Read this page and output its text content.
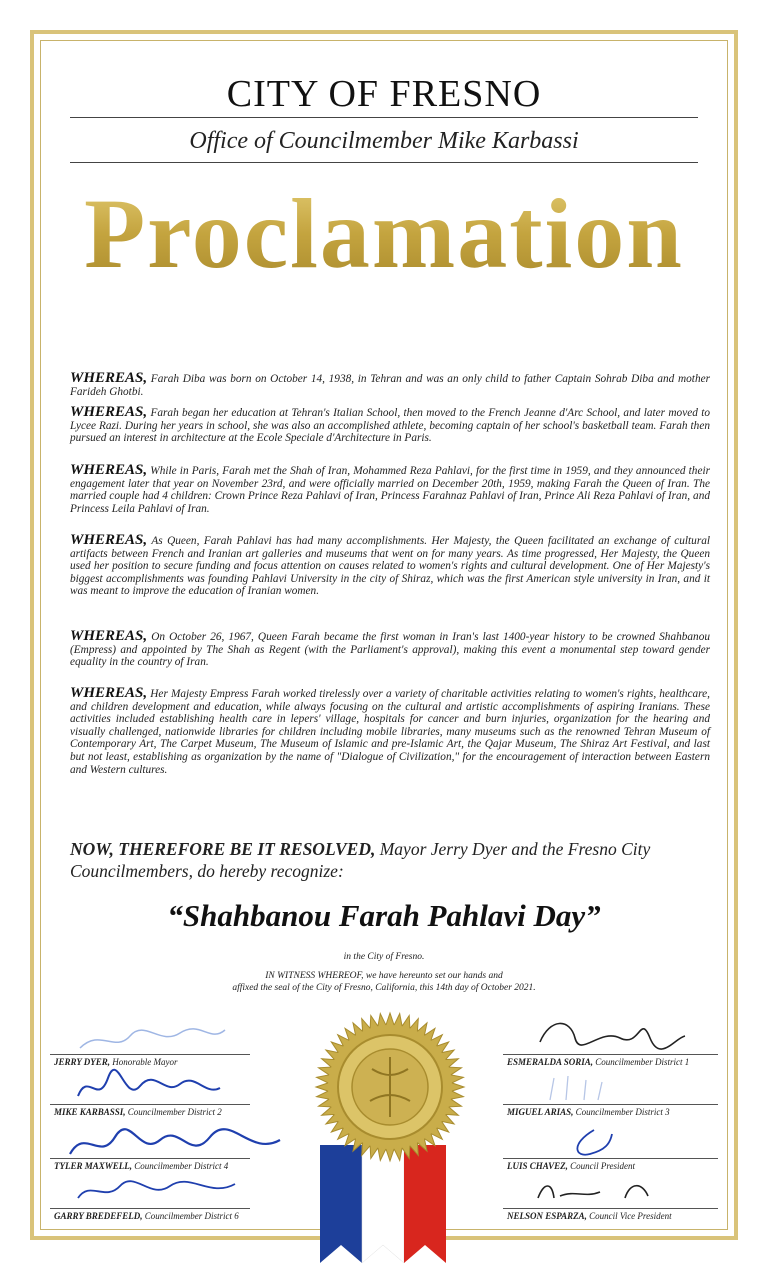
CITY OF FRESNO
Office of Councilmember Mike Karbassi
Proclamation
WHEREAS, Farah Diba was born on October 14, 1938, in Tehran and was an only child to father Captain Sohrab Diba and mother Farideh Ghotbi.
WHEREAS, Farah began her education at Tehran's Italian School, then moved to the French Jeanne d'Arc School, and later moved to Lycee Razi. During her years in school, she was also an accomplished athlete, becoming captain of her school's basketball team. Farah then pursued an interest in architecture at the Ecole Speciale d'Architecture in Paris.
WHEREAS, While in Paris, Farah met the Shah of Iran, Mohammed Reza Pahlavi, for the first time in 1959, and they announced their engagement later that year on November 23rd, and were officially married on December 20th, 1959, making Farah the Queen of Iran. The married couple had 4 children: Crown Prince Reza Pahlavi of Iran, Princess Farahnaz Pahlavi of Iran, Prince Ali Reza Pahlavi of Iran, and Princess Leila Pahlavi of Iran.
WHEREAS, As Queen, Farah Pahlavi has had many accomplishments. Her Majesty, the Queen facilitated an exchange of cultural artifacts between French and Iranian art galleries and museums that went on for many years. As time progressed, Her Majesty, the Queen used her position to secure funding and focus attention on causes related to women's rights and cultural development. One of Her Majesty's biggest accomplishments was founding Pahlavi University in the city of Shiraz, which was the first American style university in Iran, and it was meant to improve the education of Iranian women.
WHEREAS, On October 26, 1967, Queen Farah became the first woman in Iran's last 1400-year history to be crowned Shahbanou (Empress) and appointed by The Shah as Regent (with the Parliament's approval), making this event a monumental step toward gender equality in the country of Iran.
WHEREAS, Her Majesty Empress Farah worked tirelessly over a variety of charitable activities relating to women's rights, healthcare, and children development and education, while always focusing on the cultural and artistic accomplishments of aspiring Iranians. These activities included establishing health care in lepers' village, hospitals for cancer and burn injuries, organization for the hearing and visually challenged, nationwide libraries for children including mobile libraries, many museums such as the renowned Tehran Museum of Contemporary Art, The Carpet Museum, The Museum of Islamic and pre-Islamic Art, the Qajar Museum, The Shiraz Art Festival, and last but not least, establishing as organization by the name of "Dialogue of Civilization," for the encouragement of interaction between Eastern and Western cultures.
NOW, THEREFORE BE IT RESOLVED, Mayor Jerry Dyer and the Fresno City Councilmembers, do hereby recognize:
“Shahbanou Farah Pahlavi Day”
in the City of Fresno.
IN WITNESS WHEREOF, we have hereunto set our hands and
affixed the seal of the City of Fresno, California, this 14th day of October 2021.
JERRY DYER, Honorable Mayor
MIKE KARBASSI, Councilmember District 2
TYLER MAXWELL, Councilmember District 4
GARRY BREDEFELD, Councilmember District 6
ESMERALDA SORIA, Councilmember District 1
MIGUEL ARIAS, Councilmember District 3
LUIS CHAVEZ, Council President
NELSON ESPARZA, Council Vice President
